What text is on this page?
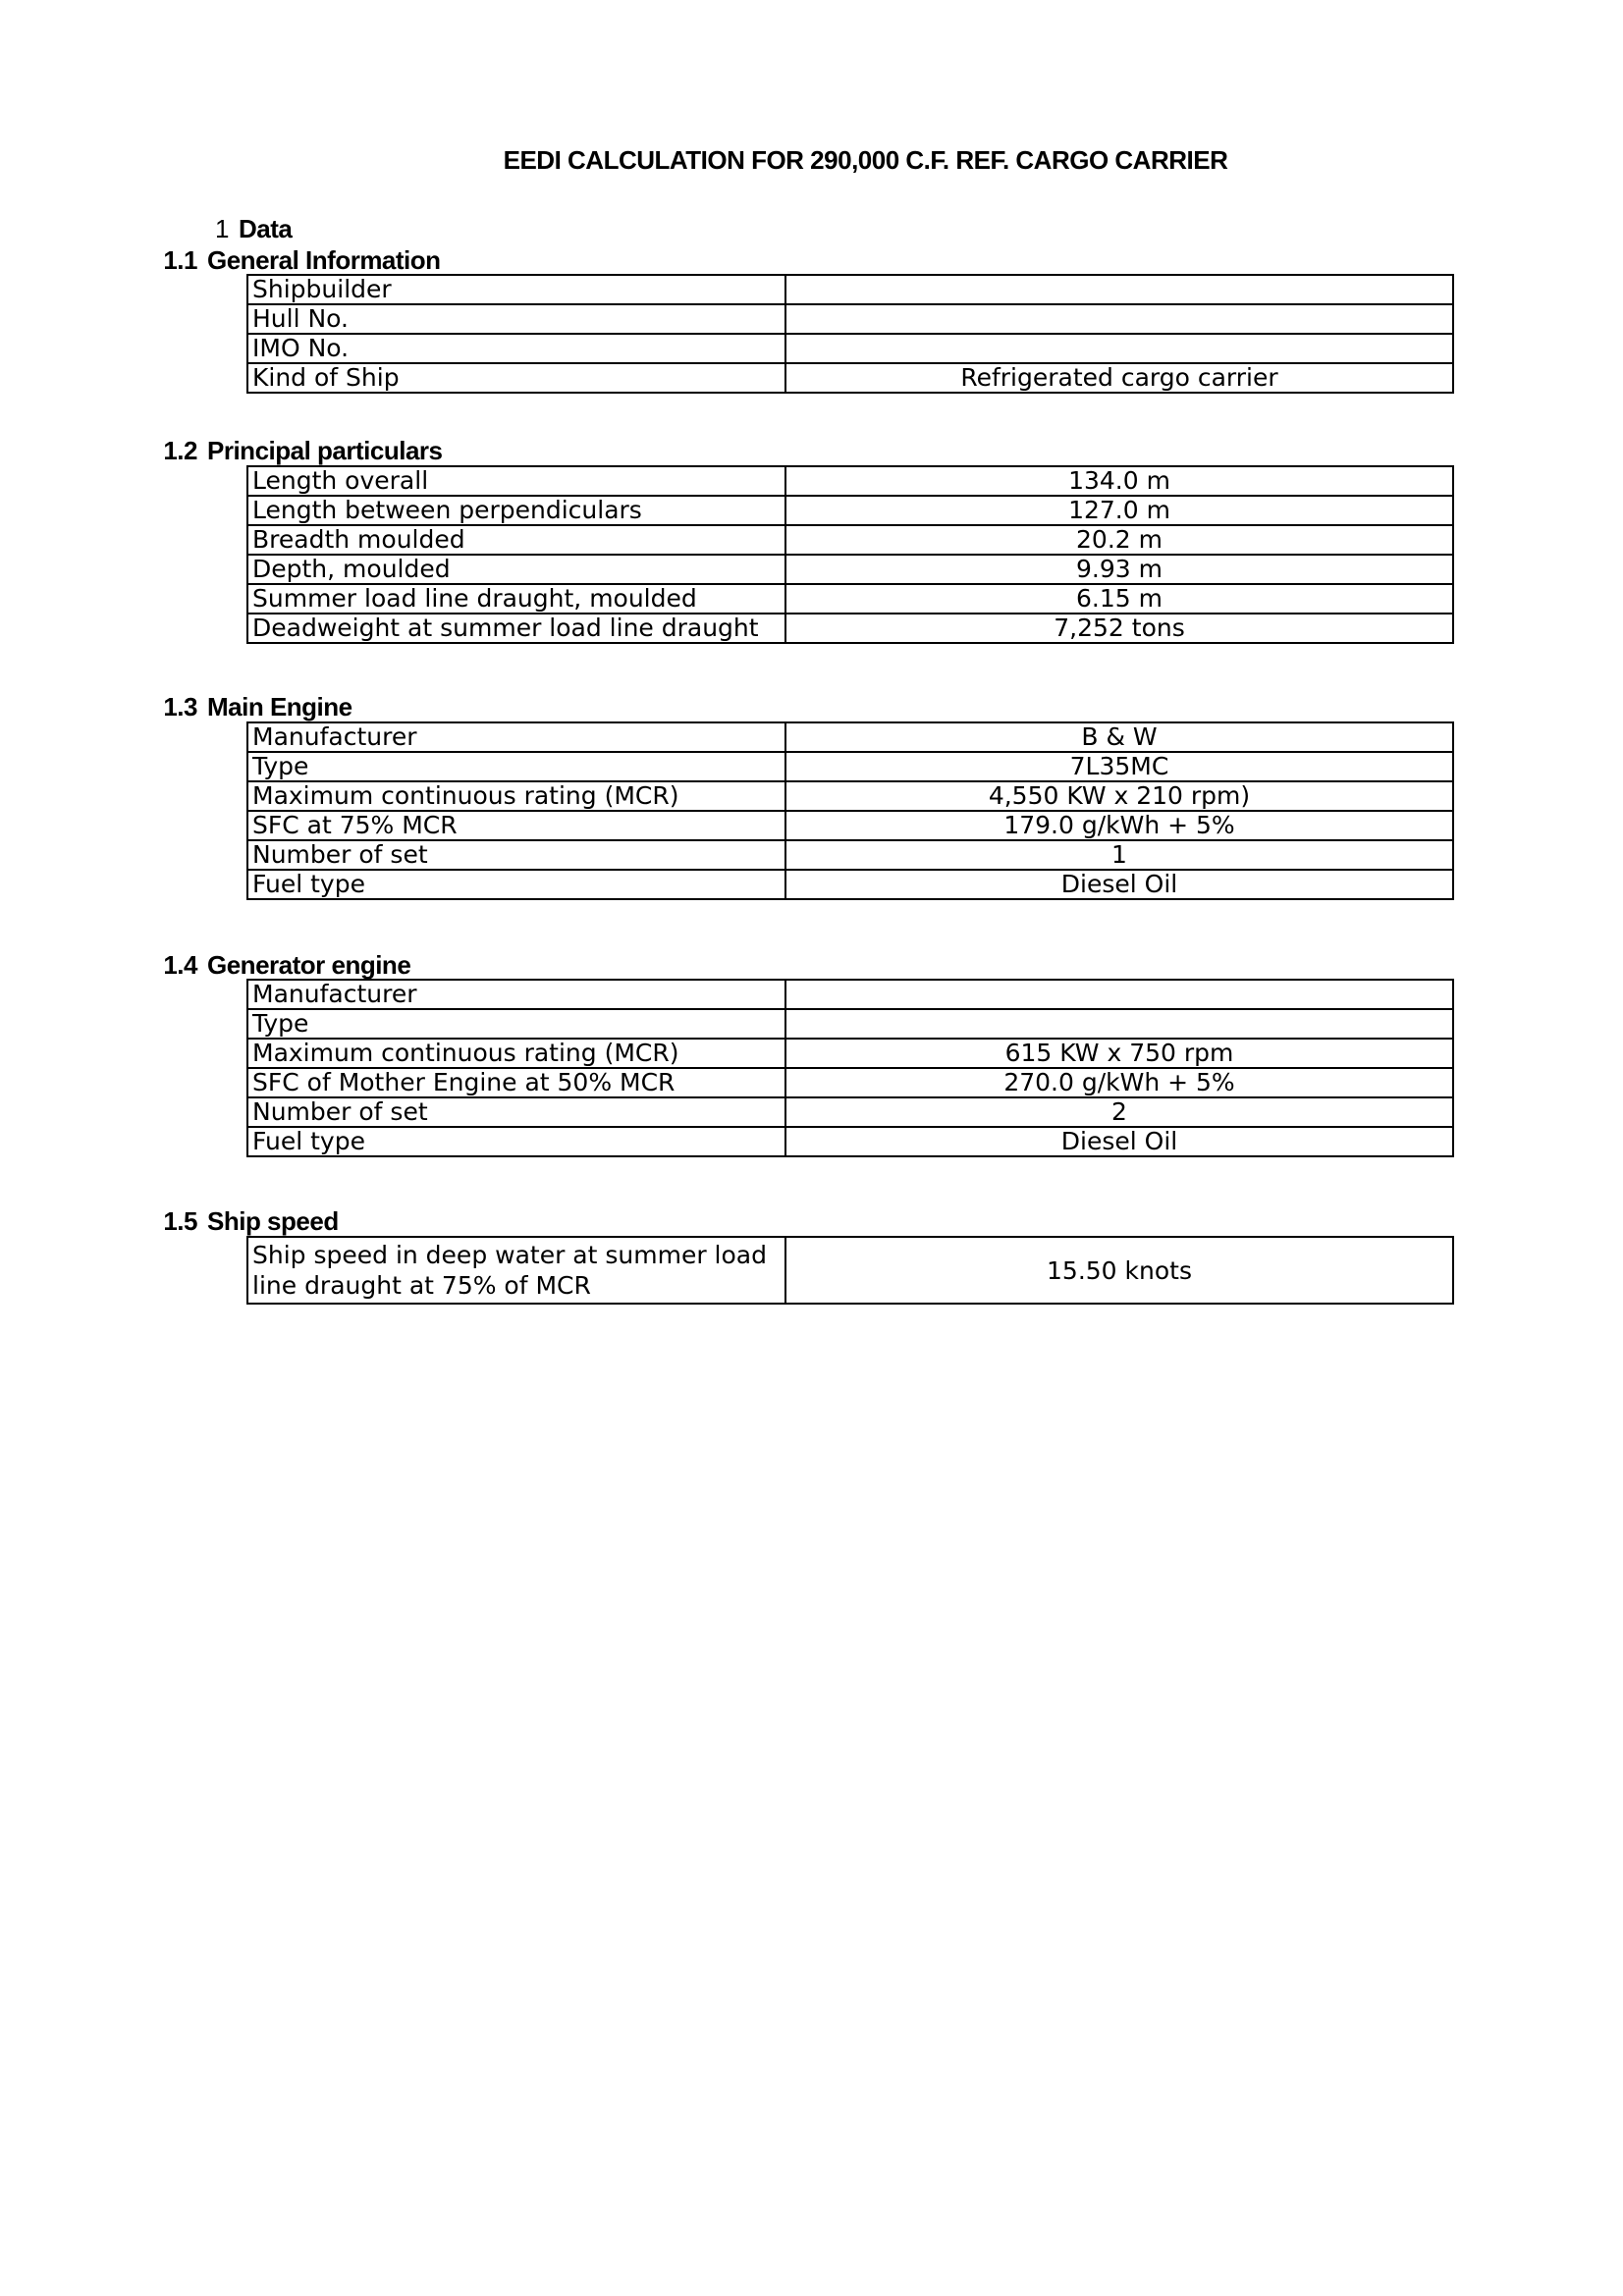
EEDI CALCULATION FOR 290,000 C.F. REF. CARGO CARRIER
1 Data
1.1 General Information
Shipbuilder	
Hull No.	
IMO No.	
Kind of Ship	Refrigerated cargo carrier
1.2 Principal particulars
Length overall	134.0 m
Length between perpendiculars	127.0 m
Breadth moulded	20.2 m
Depth, moulded	9.93 m
Summer load line draught, moulded	6.15 m
Deadweight at summer load line draught	7,252 tons
1.3 Main Engine
Manufacturer	B & W
Type	7L35MC
Maximum continuous rating (MCR)	4,550 KW x 210 rpm)
SFC at 75% MCR	179.0 g/kWh + 5%
Number of set	1
Fuel type	Diesel Oil
1.4 Generator engine
Manufacturer	
Type	
Maximum continuous rating (MCR)	615 KW x 750 rpm
SFC of Mother Engine at 50% MCR	270.0 g/kWh + 5%
Number of set	2
Fuel type	Diesel Oil
1.5 Ship speed
Ship speed in deep water at summer load line draught at 75% of MCR	15.50 knots
